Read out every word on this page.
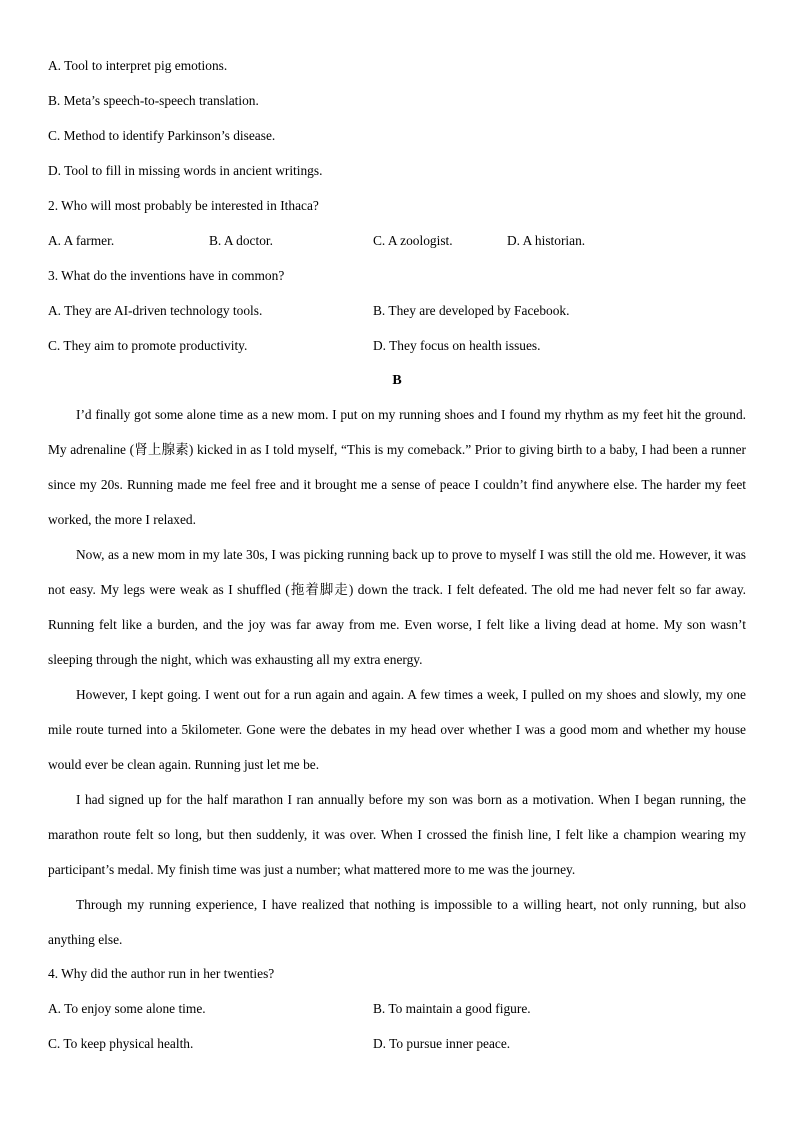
A. Tool to interpret pig emotions.
B. Meta’s speech-to-speech translation.
C. Method to identify Parkinson’s disease.
D. Tool to fill in missing words in ancient writings.
2. Who will most probably be interested in Ithaca?
A. A farmer.	B. A doctor.	C. A zoologist.	D. A historian.
3. What do the inventions have in common?
A. They are AI-driven technology tools.	B. They are developed by Facebook.
C. They aim to promote productivity.	D. They focus on health issues.
B
I’d finally got some alone time as a new mom. I put on my running shoes and I found my rhythm as my feet hit the ground. My adrenaline (肾上腺素) kicked in as I told myself, “This is my comeback.” Prior to giving birth to a baby, I had been a runner since my 20s. Running made me feel free and it brought me a sense of peace I couldn’t find anywhere else. The harder my feet worked, the more I relaxed.
Now, as a new mom in my late 30s, I was picking running back up to prove to myself I was still the old me. However, it was not easy. My legs were weak as I shuffled (拖着脚走) down the track. I felt defeated. The old me had never felt so far away. Running felt like a burden, and the joy was far away from me. Even worse, I felt like a living dead at home. My son wasn’t sleeping through the night, which was exhausting all my extra energy.
However, I kept going. I went out for a run again and again. A few times a week, I pulled on my shoes and slowly, my one mile route turned into a 5kilometer. Gone were the debates in my head over whether I was a good mom and whether my house would ever be clean again. Running just let me be.
I had signed up for the half marathon I ran annually before my son was born as a motivation. When I began running, the marathon route felt so long, but then suddenly, it was over. When I crossed the finish line, I felt like a champion wearing my participant’s medal. My finish time was just a number; what mattered more to me was the journey.
Through my running experience, I have realized that nothing is impossible to a willing heart, not only running, but also anything else.
4. Why did the author run in her twenties?
A. To enjoy some alone time.	B. To maintain a good figure.
C. To keep physical health.	D. To pursue inner peace.
